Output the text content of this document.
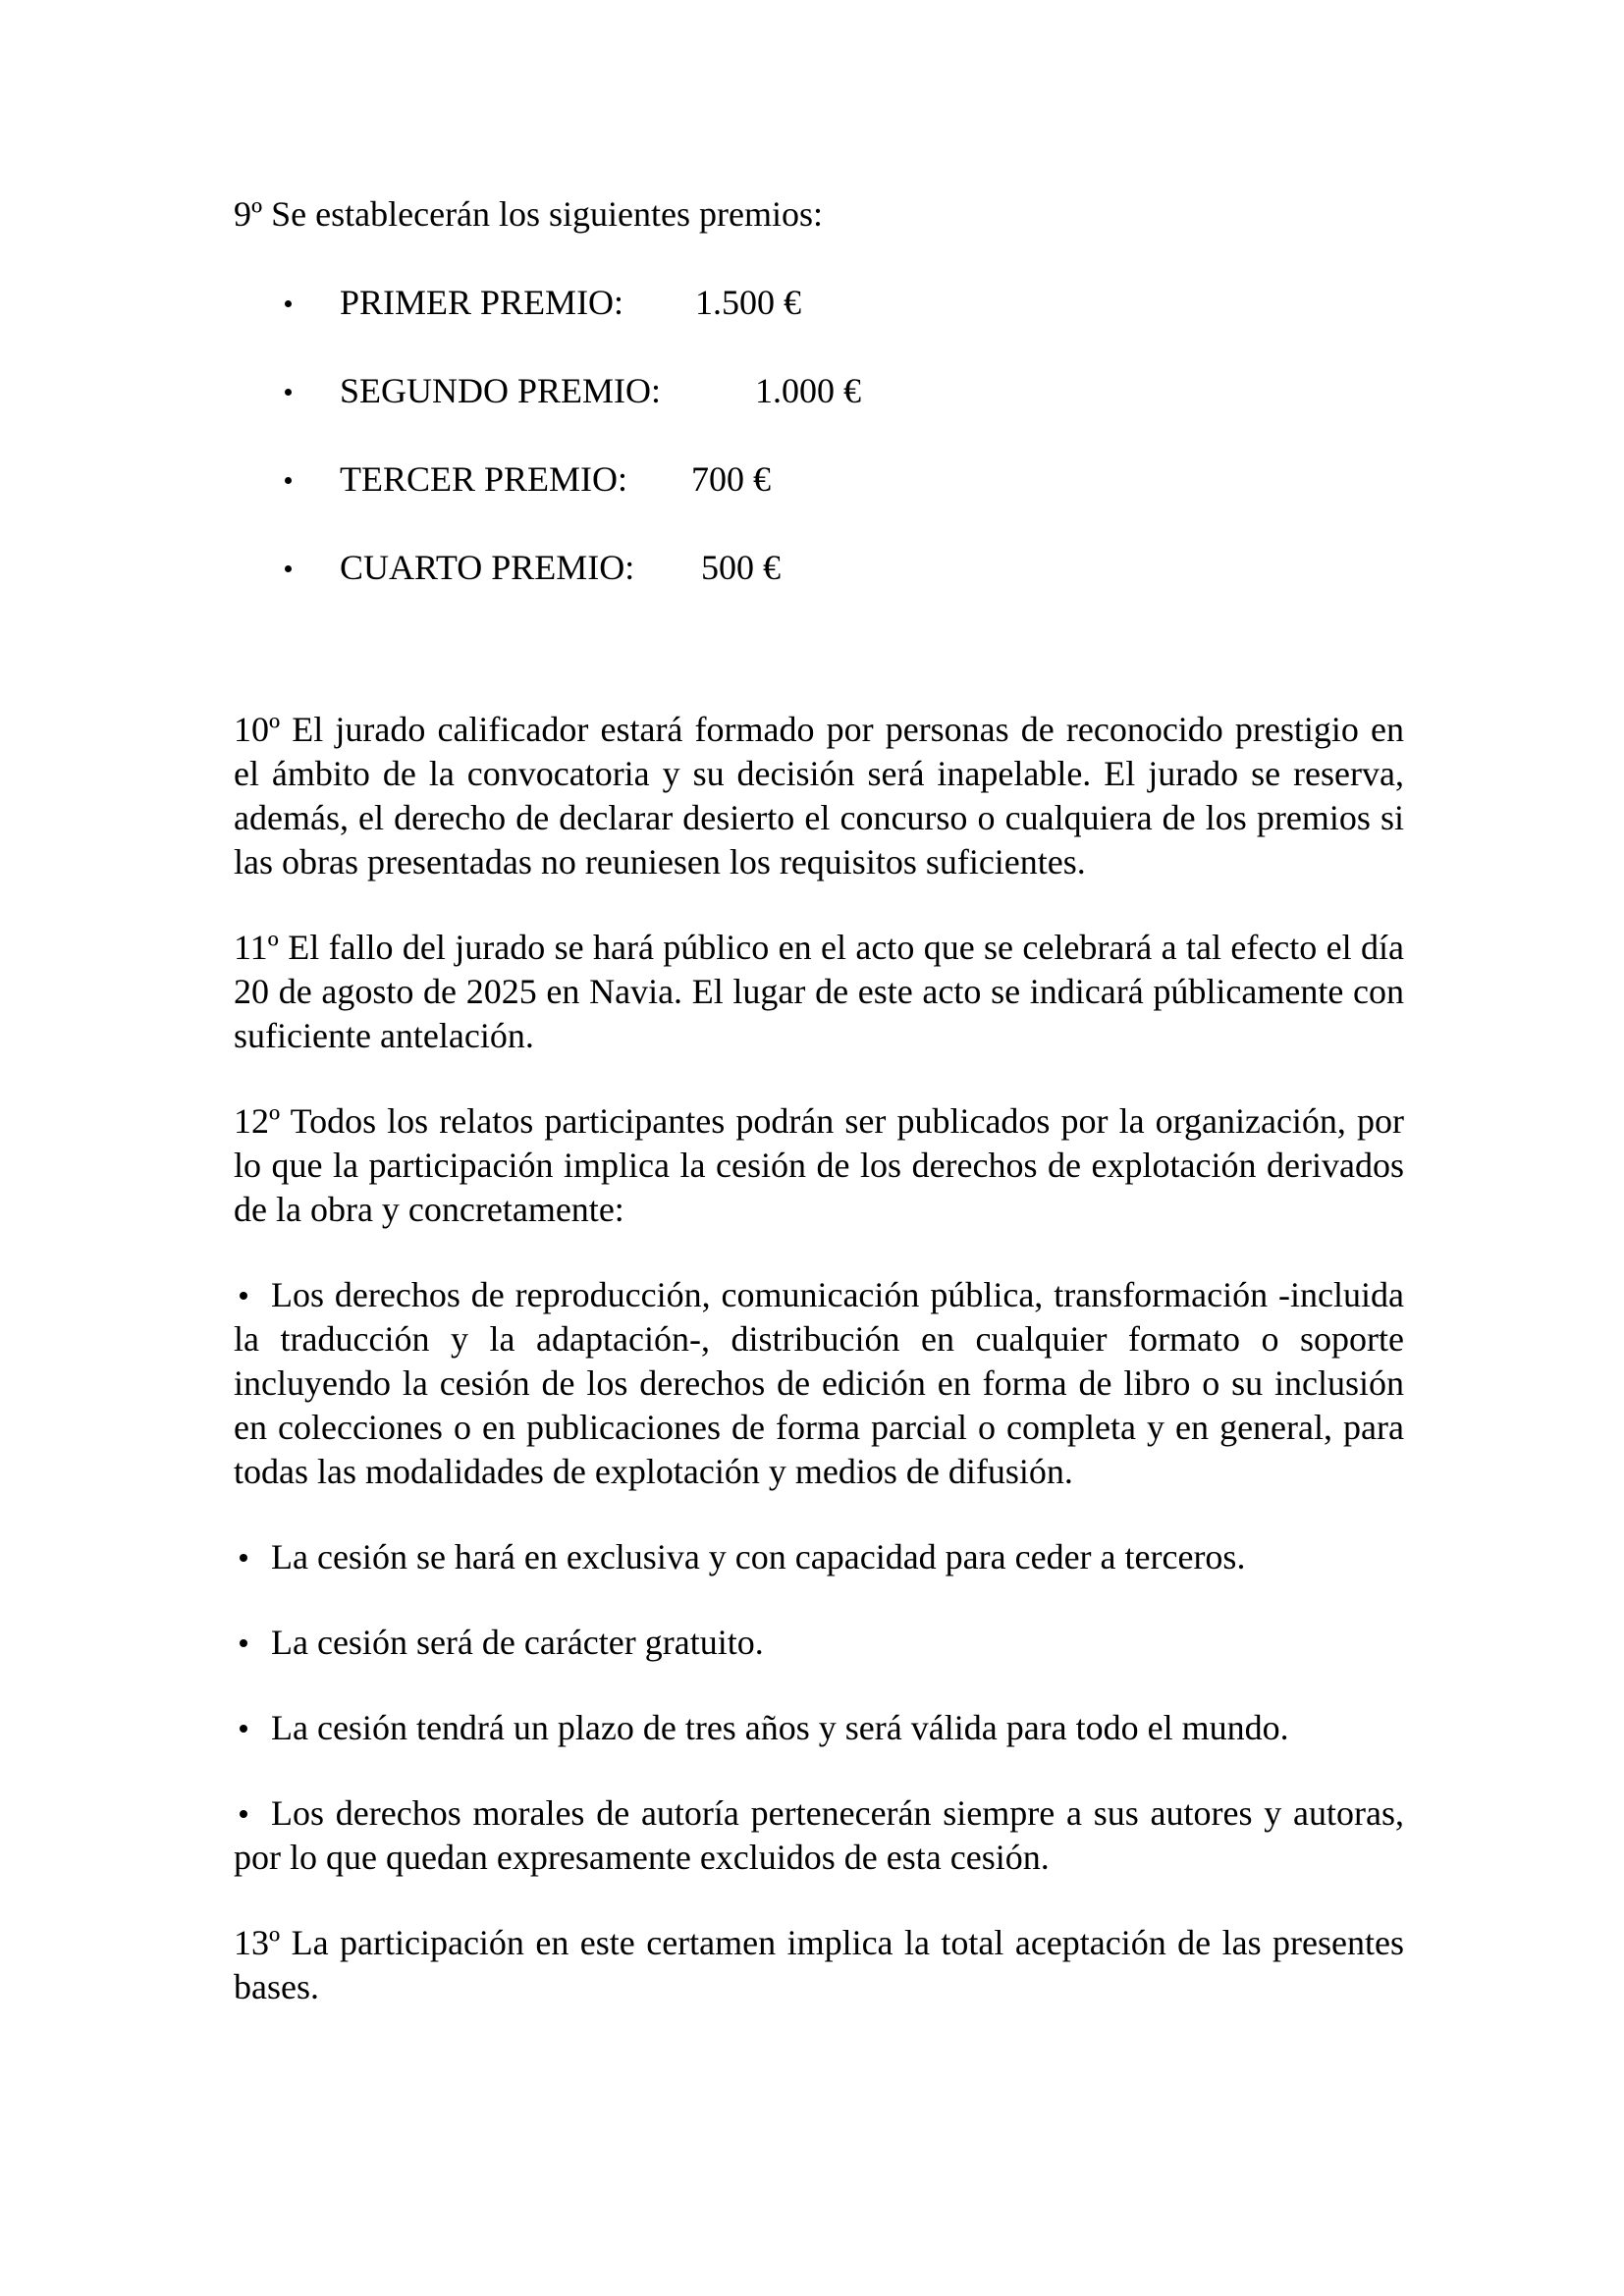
9º Se establecerán los siguientes premios:

PRIMER PREMIO: 1.500 €
SEGUNDO PREMIO:	1.000 €
TERCER PREMIO: 700 €
CUARTO PREMIO: 500 €

10º El jurado calificador estará formado por personas de reconocido prestigio en el ámbito de la convocatoria y su decisión será inapelable. El jurado se reserva, además, el derecho de declarar desierto el concurso o cualquiera de los premios si las obras presentadas no reuniesen los requisitos suficientes.

11º El fallo del jurado se hará público en el acto que se celebrará a tal efecto el día 20 de agosto de 2025 en Navia. El lugar de este acto se indicará públicamente con suficiente antelación.

12º Todos los relatos participantes podrán ser publicados por la organización, por lo que la participación implica la cesión de los derechos de explotación derivados de la obra y concretamente:

Los derechos de reproducción, comunicación pública, transformación -incluida la traducción y la adaptación-, distribución en cualquier formato o soporte incluyendo la cesión de los derechos de edición en forma de libro o su inclusión en colecciones o en publicaciones de forma parcial o completa y en general, para todas las modalidades de explotación y medios de difusión.
La cesión se hará en exclusiva y con capacidad para ceder a terceros.
La cesión será de carácter gratuito.
La cesión tendrá un plazo de tres años y será válida para todo el mundo.
Los derechos morales de autoría pertenecerán siempre a sus autores y autoras, por lo que quedan expresamente excluidos de esta cesión.

13º La participación en este certamen implica la total aceptación de las presentes bases.
